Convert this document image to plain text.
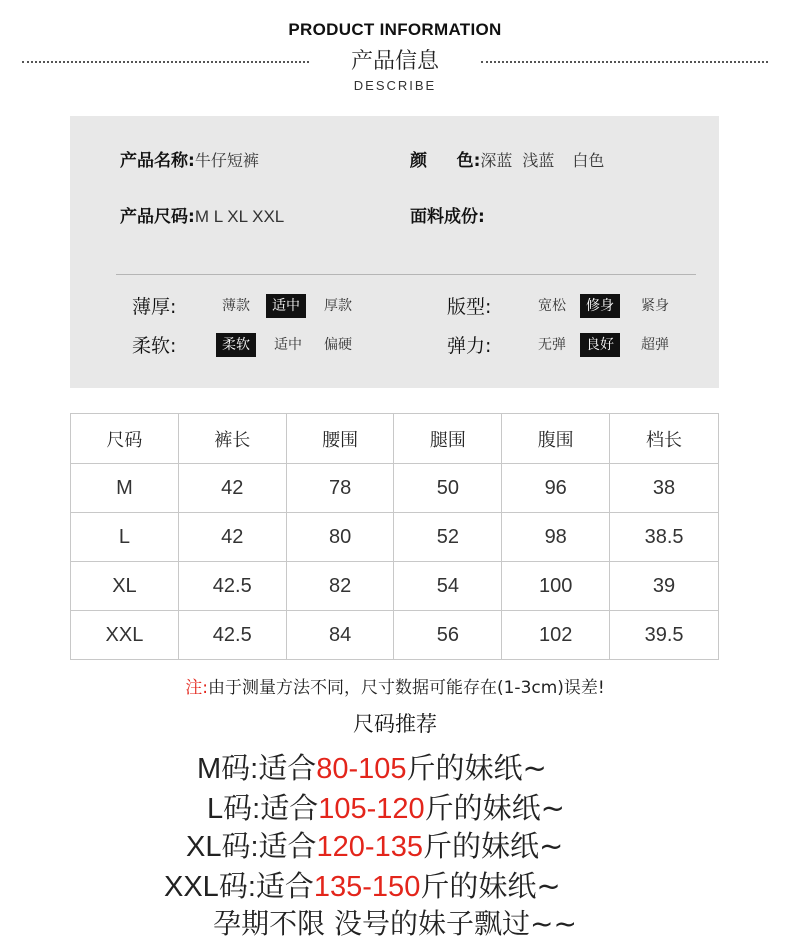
PRODUCT INFORMATION
产品信息
DESCRIBE
产品名称:牛仔短裤	颜     色:深蓝 浅蓝 白色
产品尺码:M L XL XXL	面料成份:
薄厚:	薄款	适中	厚款	版型:	宽松	修身	紧身
柔软:	柔软	适中	偏硬	弹力:	无弹	良好	超弹
尺码	裤长	腰围	腿围	腹围	档长
M	42	78	50	96	38
L	42	80	52	98	38.5
XL	42.5	82	54	100	39
XXL	42.5	84	56	102	39.5
注:由于测量方法不同，尺寸数据可能存在(1-3cm)误差!
尺码推荐
M码:适合80-105斤的妹纸~
L码:适合105-120斤的妹纸~
XL码:适合120-135斤的妹纸~
XXL码:适合135-150斤的妹纸~
孕期不限 没号的妹子飘过~~
